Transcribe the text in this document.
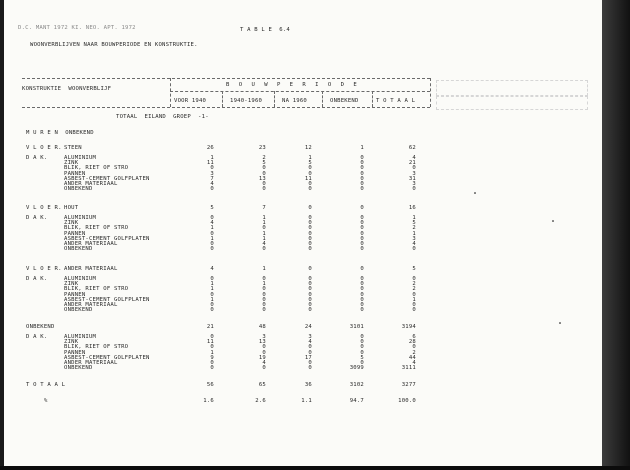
D.C. MANT 1972 KI. NEO. APT. 1972	T A B L E  6.4
WOONVERBLIJVEN NAAR BOUWPERIODE EN KONSTRUKTIE.
KONSTRUKTIE  WOONVERBLIJF
B O U W P E R I O D E
VOOR 1940	1940-1960	NA 1960	ONBEKEND	T O T A A L
TOTAAL  EILAND  GROEP  -1-
M U R E N  ONBEKEND
V L O E R. STEEN	26	23	12	1	62
D A K.	ALUMINIUM	1	2	1	0	4
ZINK	11	5	5	0	21
BLIK, RIET OF STRO	0	0	0	0	0
PANNEN	3	0	0	0	3
ASBEST-CEMENT GOLFPLATEN	7	13	11	0	31
ANDER MATERIAAL	4	0	0	0	3
ONBEKEND	0	0	0	0	0
V L O E R. HOUT	5	7	0	0	16
D A K.	ALUMINIUM	0	1	0	0	1
ZINK	4	1	0	0	5
BLIK, RIET OF STRO	1	0	0	0	2
PANNEN	0	1	0	0	1
ASBEST-CEMENT GOLFPLATEN	1	1	0	0	3
ANDER MATERIAAL	0	4	0	0	4
ONBEKEND	0	0	0	0	0
V L O E R. ANDER MATERIAAL	4	1	0	0	5
D A K.	ALUMINIUM	0	0	0	0	0
ZINK	1	1	0	0	2
BLIK, RIET OF STRO	1	0	0	0	2
PANNEN	0	0	0	0	0
ASBEST-CEMENT GOLFPLATEN	1	0	0	0	1
ANDER MATERIAAL	0	0	0	0	0
ONBEKEND	0	0	0	0	0
ONBEKEND	21	48	24	3101	3194
D A K.	ALUMINIUM	0	3	3	0	6
ZINK	11	13	4	0	28
BLIK, RIET OF STRO	0	0	0	0	0
PANNEN	1	0	0	0	2
ASBEST-CEMENT GOLFPLATEN	9	19	17	5	44
ANDER MATERIAAL	0	4	0	0	4
ONBEKEND	0	0	0	3099	3111
T O T A A L	56	65	36	3102	3277
%	1.6	2.6	1.1	94.7	100.0
